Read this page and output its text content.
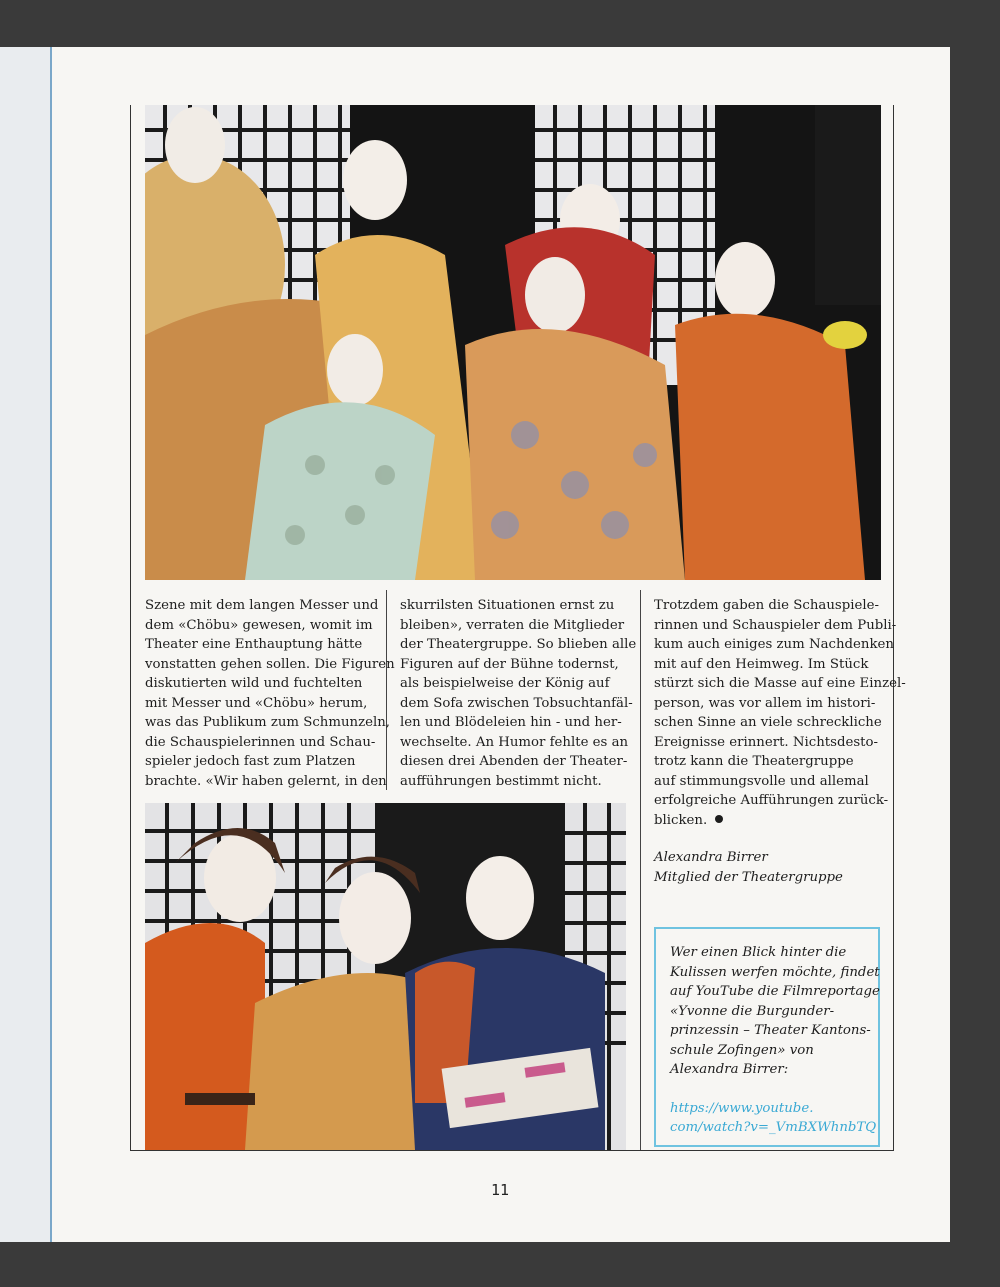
Szene mit dem langen Messer und
dem «Chöbu» gewesen, womit im
Theater eine Enthauptung hätte
vonstatten gehen sollen. Die Figuren
diskutierten wild und fuchtelten
mit Messer und «Chöbu» herum,
was das Publikum zum Schmunzeln,
die Schauspielerinnen und Schau-
spieler jedoch fast zum Platzen
brachte. «Wir haben gelernt, in den
skurrilsten Situationen ernst zu
bleiben», verraten die Mitglieder
der Theatergruppe. So blieben alle
Figuren auf der Bühne todernst,
als beispielweise der König auf
dem Sofa zwischen Tobsuchtanfäl-
len und Blödeleien hin - und her-
wechselte. An Humor fehlte es an
diesen drei Abenden der Theater-
aufführungen bestimmt nicht.
Trotzdem gaben die Schauspiele-
rinnen und Schauspieler dem Publi-
kum auch einiges zum Nachdenken
mit auf den Heimweg. Im Stück
stürzt sich die Masse auf eine Einzel-
person, was vor allem im histori-
schen Sinne an viele schreckliche
Ereignisse erinnert. Nichtsdesto-
trotz kann die Theatergruppe
auf stimmungsvolle und allemal
erfolgreiche Aufführungen zurück-
blicken.
Alexandra Birrer
Mitglied der Theatergruppe
Wer einen Blick hinter die
Kulissen werfen möchte, findet
auf YouTube die Filmreportage
«Yvonne die Burgunder-
prinzessin – Theater Kantons-
schule Zofingen» von
Alexandra Birrer:
https://www.youtube.
com/watch?v=_VmBXWhnbTQ
11
